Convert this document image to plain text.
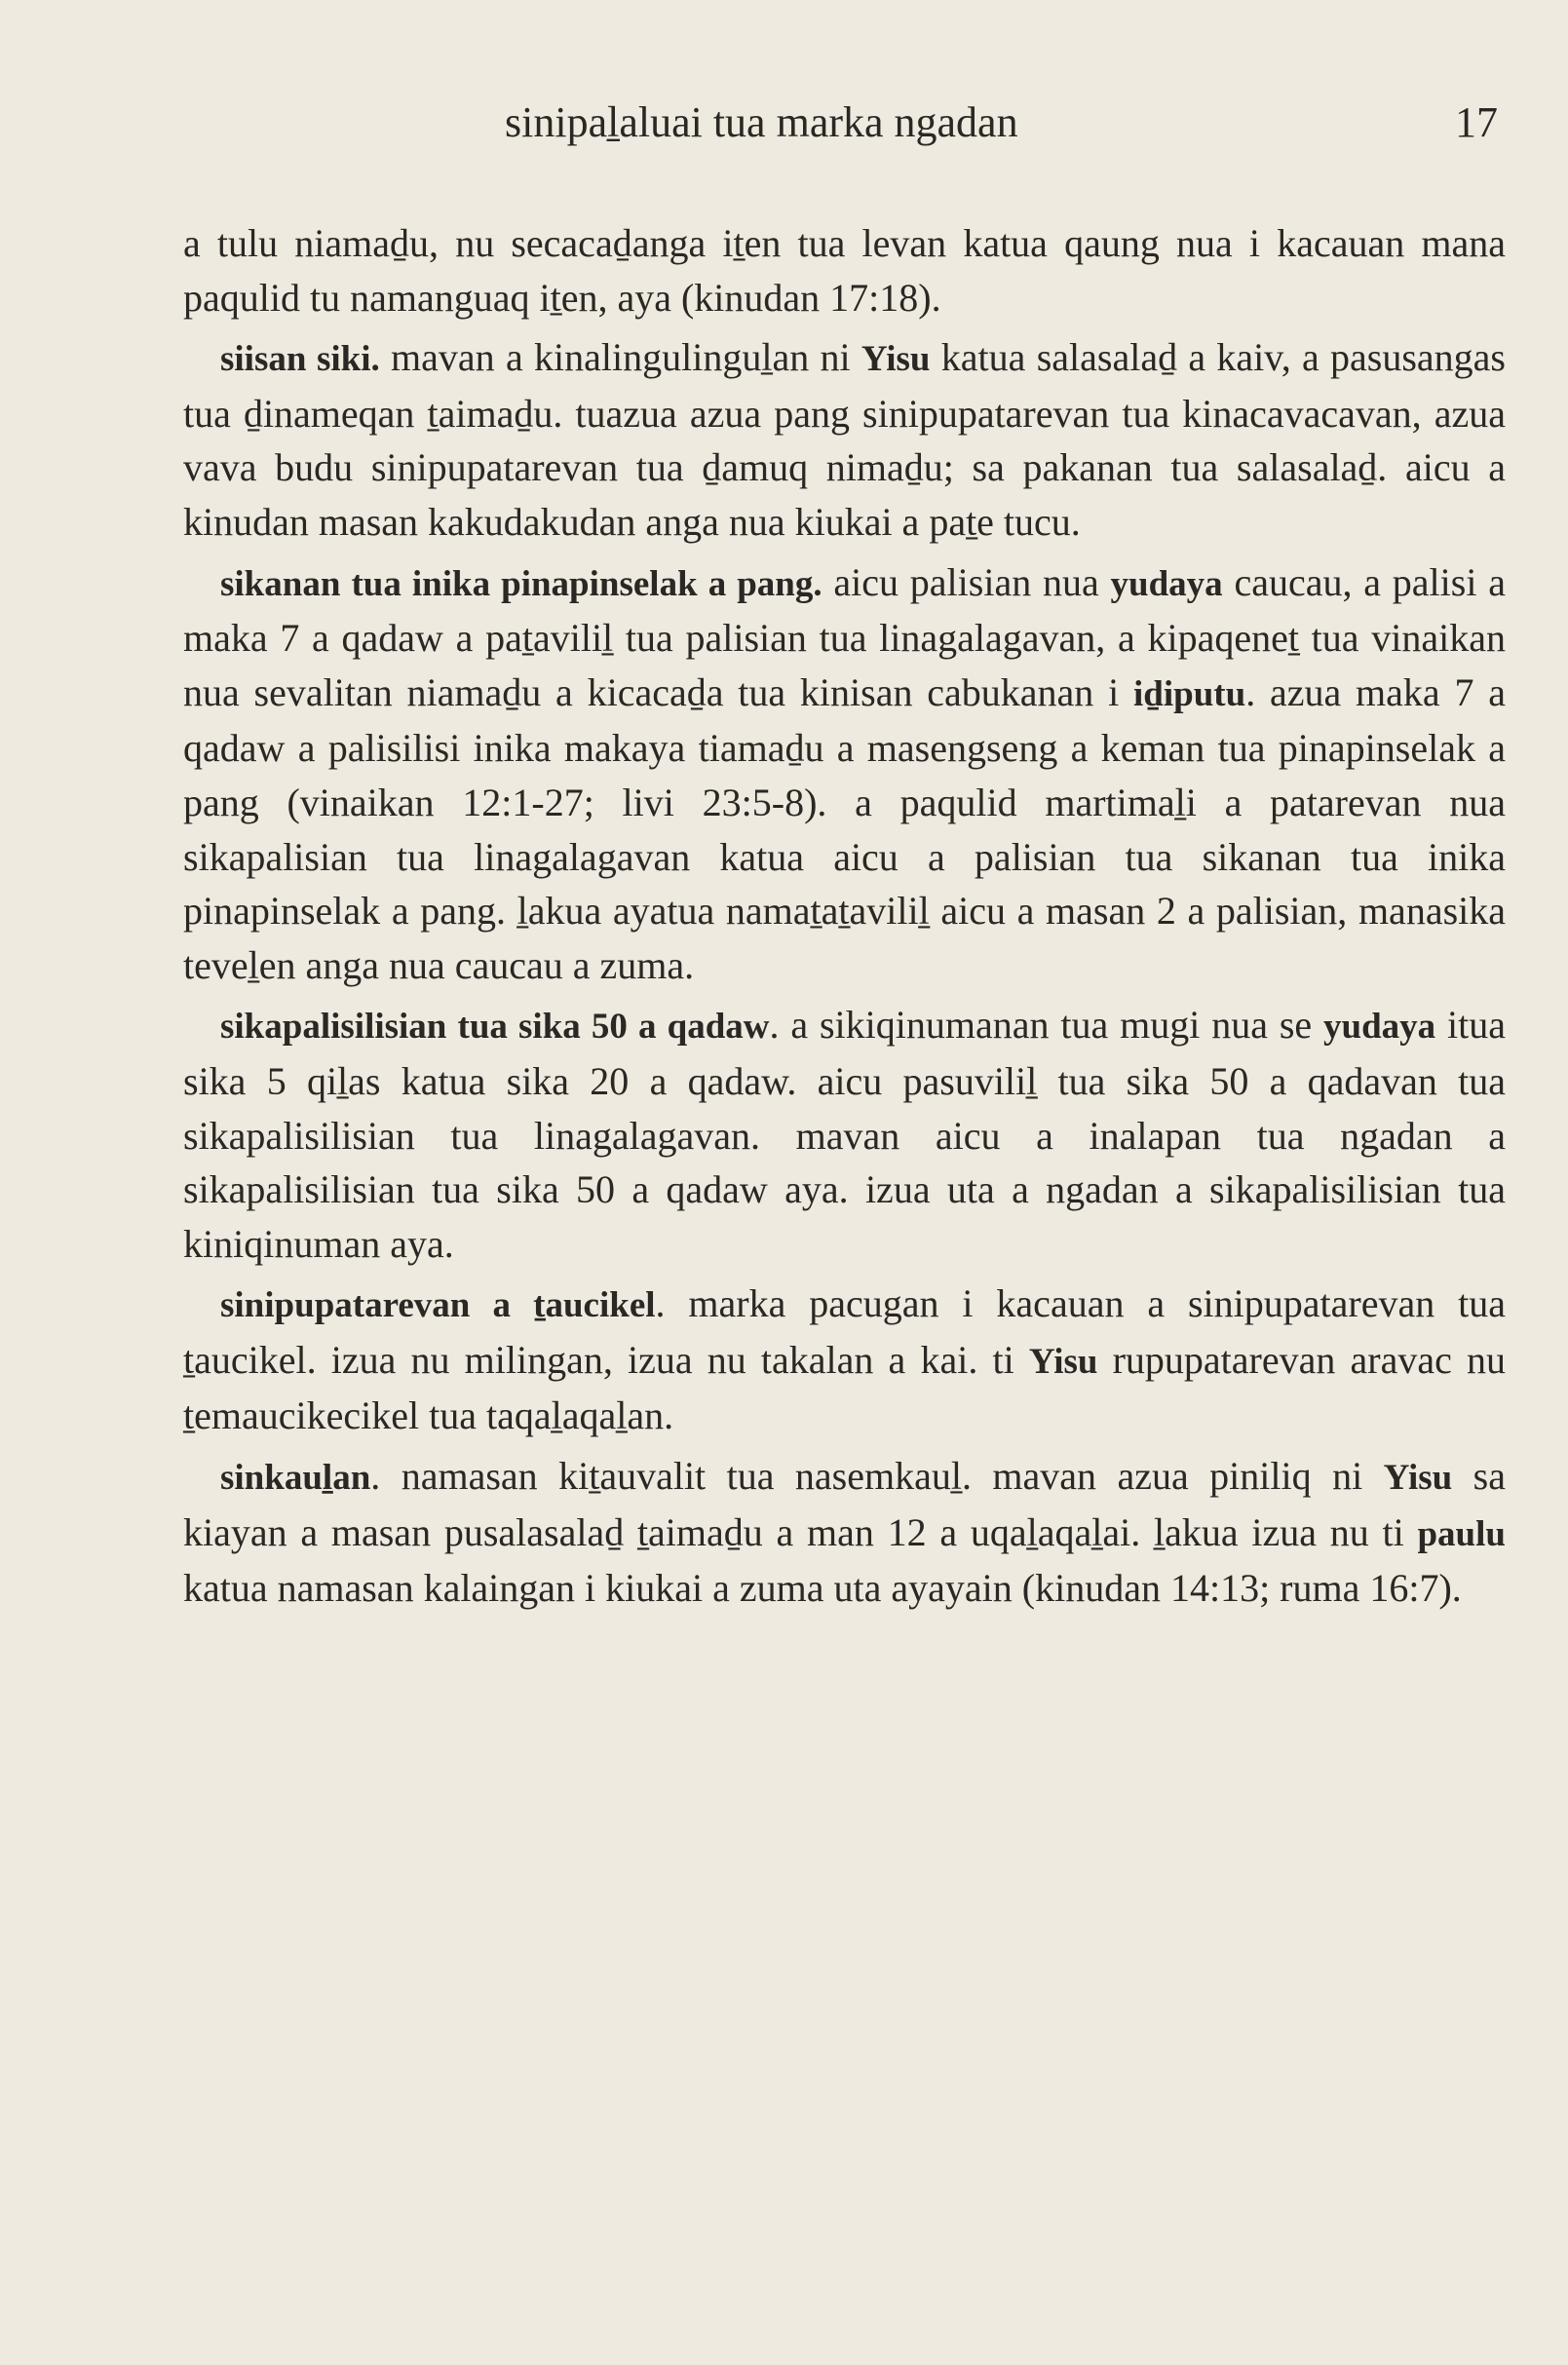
sinipaḻaluai tua marka ngadan	17

a tulu niamaḏu, nu secacaḏanga iṯen tua levan katua qaung nua i kacauan mana paqulid tu namanguaq iṯen, aya (kinudan 17:18).

siisan siki. mavan a kinalingulinguḻan ni Yisu katua salasalaḏ a kaiv, a pasusangas tua ḏinameqan ṯaimaḏu. tuazua azua pang sinipupatarevan tua kinacavacavan, azua vava budu sinipupatarevan tua ḏamuq nimaḏu; sa pakanan tua salasalaḏ. aicu a kinudan masan kakudakudan anga nua kiukai a paṯe tucu.

sikanan tua inika pinapinselak a pang. aicu palisian nua yudaya caucau, a palisi a maka 7 a qadaw a paṯaviliḻ tua palisian tua linagalagavan, a kipaqeneṯ tua vinaikan nua sevalitan niamaḏu a kicacaḏa tua kinisan cabukanan i iḏiputu. azua maka 7 a qadaw a palisilisi inika makaya tiamaḏu a masengseng a keman tua pinapinselak a pang (vinaikan 12:1-27; livi 23:5-8). a paqulid martimaḻi a patarevan nua sikapalisian tua linagalagavan katua aicu a palisian tua sikanan tua inika pinapinselak a pang. ḻakua ayatua namaṯaṯaviliḻ aicu a masan 2 a palisian, manasika teveḻen anga nua caucau a zuma.

sikapalisilisian tua sika 50 a qadaw. a sikiqinumanan tua mugi nua se yudaya itua sika 5 qiḻas katua sika 20 a qadaw. aicu pasuviliḻ tua sika 50 a qadavan tua sikapalisilisian tua linagalagavan. mavan aicu a inalapan tua ngadan a sikapalisilisian tua sika 50 a qadaw aya. izua uta a ngadan a sikapalisilisian tua kiniqinuman aya.

sinipupatarevan a ṯaucikel. marka pacugan i kacauan a sinipupatarevan tua ṯaucikel. izua nu milingan, izua nu takalan a kai. ti Yisu rupupatarevan aravac nu ṯemaucikecikel tua taqaḻaqaḻan.

sinkauḻan. namasan kiṯauvalit tua nasemkauḻ. mavan azua piniliq ni Yisu sa kiayan a masan pusalasalaḏ ṯaimaḏu a man 12 a uqaḻaqaḻai. ḻakua izua nu ti paulu katua namasan kalaingan i kiukai a zuma uta ayayain (kinudan 14:13; ruma 16:7).
